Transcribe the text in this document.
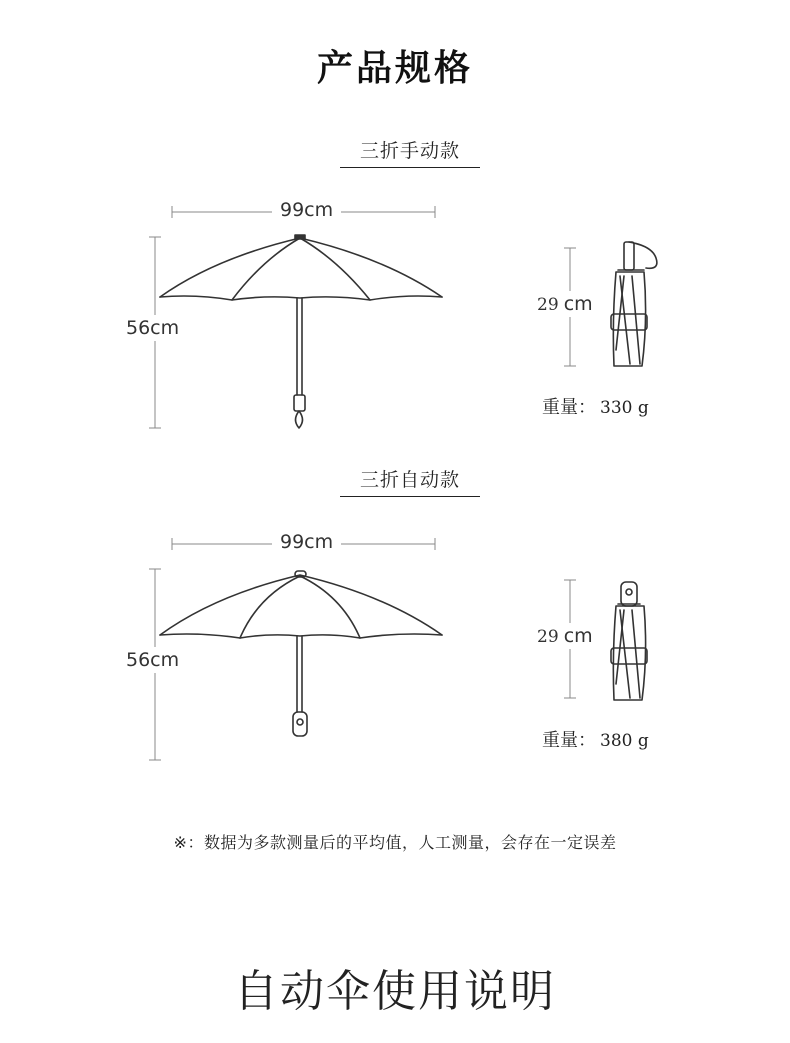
产品规格
三折手动款
99cm
56cm
29 cm
重量： 330 g
三折自动款
99cm
56cm
29 cm
重量： 380 g
※：数据为多款测量后的平均值，人工测量，会存在一定误差
自动伞使用说明
